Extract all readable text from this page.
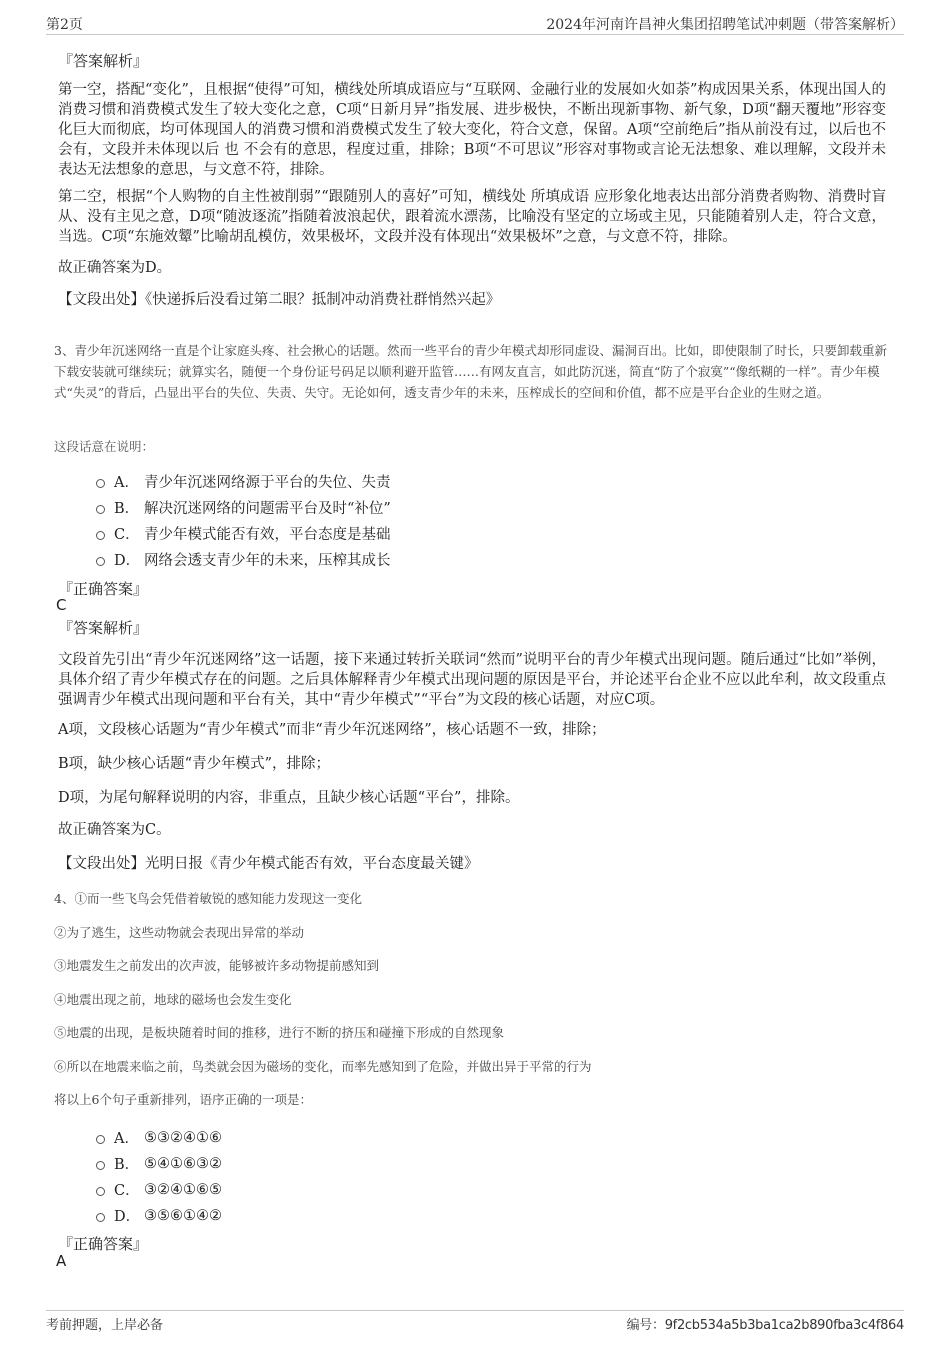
第2页	2024年河南许昌神火集团招聘笔试冲刺题（带答案解析）
『答案解析』
第一空，搭配“变化”，且根据“使得”可知，横线处所填成语应与“互联网、金融行业的发展如火如荼”构成因果关系，体现出国人的消费习惯和消费模式发生了较大变化之意，C项“日新月异”指发展、进步极快，不断出现新事物、新气象，D项“翻天覆地”形容变化巨大而彻底，均可体现国人的消费习惯和消费模式发生了较大变化，符合文意，保留。A项“空前绝后”指从前没有过，以后也不会有，文段并未体现以后 也 不会有的意思，程度过重，排除；B项“不可思议”形容对事物或言论无法想象、难以理解，文段并未表达无法想象的意思，与文意不符，排除。
第二空，根据“个人购物的自主性被削弱”“跟随别人的喜好”可知，横线处 所填成语 应形象化地表达出部分消费者购物、消费时盲从、没有主见之意，D项“随波逐流”指随着波浪起伏，跟着流水漂荡，比喻没有坚定的立场或主见，只能随着别人走，符合文意，当选。C项“东施效颦”比喻胡乱模仿，效果极坏，文段并没有体现出“效果极坏”之意，与文意不符，排除。
故正确答案为D。
【文段出处】《快递拆后没看过第二眼？抵制冲动消费社群悄然兴起》
3、青少年沉迷网络一直是个让家庭头疼、社会揪心的话题。然而一些平台的青少年模式却形同虚设、漏洞百出。比如，即使限制了时长，只要卸载重新下载安装就可继续玩；就算实名，随便一个身份证号码足以顺利避开监管……有网友直言，如此防沉迷，简直“防了个寂寞”“像纸糊的一样”。青少年模式“失灵”的背后，凸显出平台的失位、失责、失守。无论如何，透支青少年的未来，压榨成长的空间和价值，都不应是平台企业的生财之道。
这段话意在说明：
A． 青少年沉迷网络源于平台的失位、失责
B． 解决沉迷网络的问题需平台及时“补位”
C． 青少年模式能否有效，平台态度是基础
D． 网络会透支青少年的未来，压榨其成长
『正确答案』
C
『答案解析』
文段首先引出“青少年沉迷网络”这一话题，接下来通过转折关联词“然而”说明平台的青少年模式出现问题。随后通过“比如”举例，具体介绍了青少年模式存在的问题。之后具体解释青少年模式出现问题的原因是平台，并论述平台企业不应以此牟利，故文段重点强调青少年模式出现问题和平台有关，其中“青少年模式”“平台”为文段的核心话题，对应C项。
A项，文段核心话题为“青少年模式”而非“青少年沉迷网络”，核心话题不一致，排除；
B项，缺少核心话题“青少年模式”，排除；
D项，为尾句解释说明的内容，非重点，且缺少核心话题“平台”，排除。
故正确答案为C。
【文段出处】光明日报《青少年模式能否有效，平台态度最关键》
4、①而一些飞鸟会凭借着敏锐的感知能力发现这一变化
②为了逃生，这些动物就会表现出异常的举动
③地震发生之前发出的次声波，能够被许多动物提前感知到
④地震出现之前，地球的磁场也会发生变化
⑤地震的出现，是板块随着时间的推移，进行不断的挤压和碰撞下形成的自然现象
⑥所以在地震来临之前，鸟类就会因为磁场的变化，而率先感知到了危险，并做出异于平常的行为
将以上6个句子重新排列，语序正确的一项是：
A． ⑤③②④①⑥
B． ⑤④①⑥③②
C． ③②④①⑥⑤
D． ③⑤⑥①④②
『正确答案』
A
考前押题，上岸必备	编号：9f2cb534a5b3ba1ca2b890fba3c4f864
